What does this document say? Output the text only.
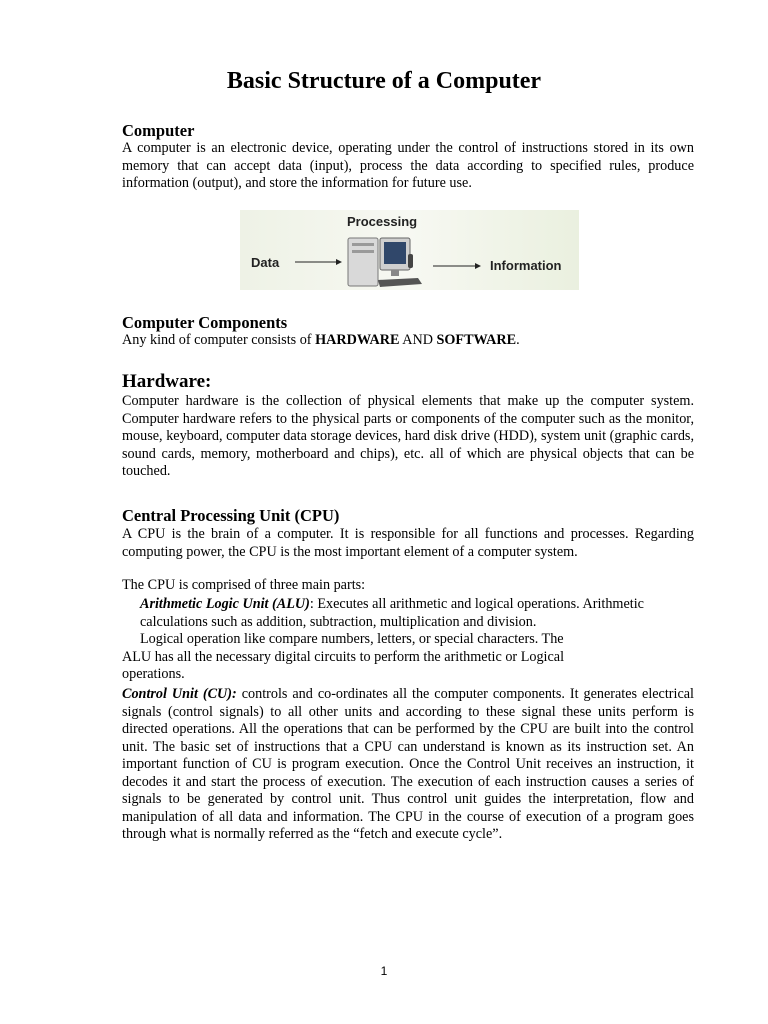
Basic Structure of a Computer
Computer

A computer is an electronic device, operating under the control of instructions stored in its own memory that can accept data (input), process the data according to specified rules, produce information (output), and store the information for future use.

Processing
Data	Information
Computer Components

Any kind of computer consists of HARDWARE AND SOFTWARE.

Hardware:

Computer hardware is the collection of physical elements that make up the computer system. Computer hardware refers to the physical parts or components of the computer such as the monitor, mouse, keyboard, computer data storage devices, hard disk drive (HDD), system unit (graphic cards, sound cards, memory, motherboard and chips), etc. all of which are physical objects that can be touched.

Central Processing Unit (CPU)

A CPU is the brain of a computer. It is responsible for all functions and processes. Regarding computing power, the CPU is the most important element of a computer system.

The CPU is comprised of three main parts:

Arithmetic Logic Unit (ALU): Executes all arithmetic and logical operations. Arithmetic
calculations such as addition, subtraction, multiplication and division.
Logical operation like compare numbers, letters, or special characters. The
ALU has all the necessary digital circuits to perform the arithmetic or Logical
operations.

Control Unit (CU): controls and co-ordinates all the computer components. It generates electrical signals (control signals) to all other units and according to these signal these units perform is directed operations. All the operations that can be performed by the CPU are built into the control unit. The basic set of instructions that a CPU can understand is known as its instruction set. An important function of CU is program execution. Once the Control Unit receives an instruction, it decodes it and start the process of execution. The execution of each instruction causes a series of signals to be generated by control unit. Thus control unit guides the interpretation, flow and manipulation of all data and information. The CPU in the course of execution of a program goes through what is normally referred as the “fetch and execute cycle”.

1
